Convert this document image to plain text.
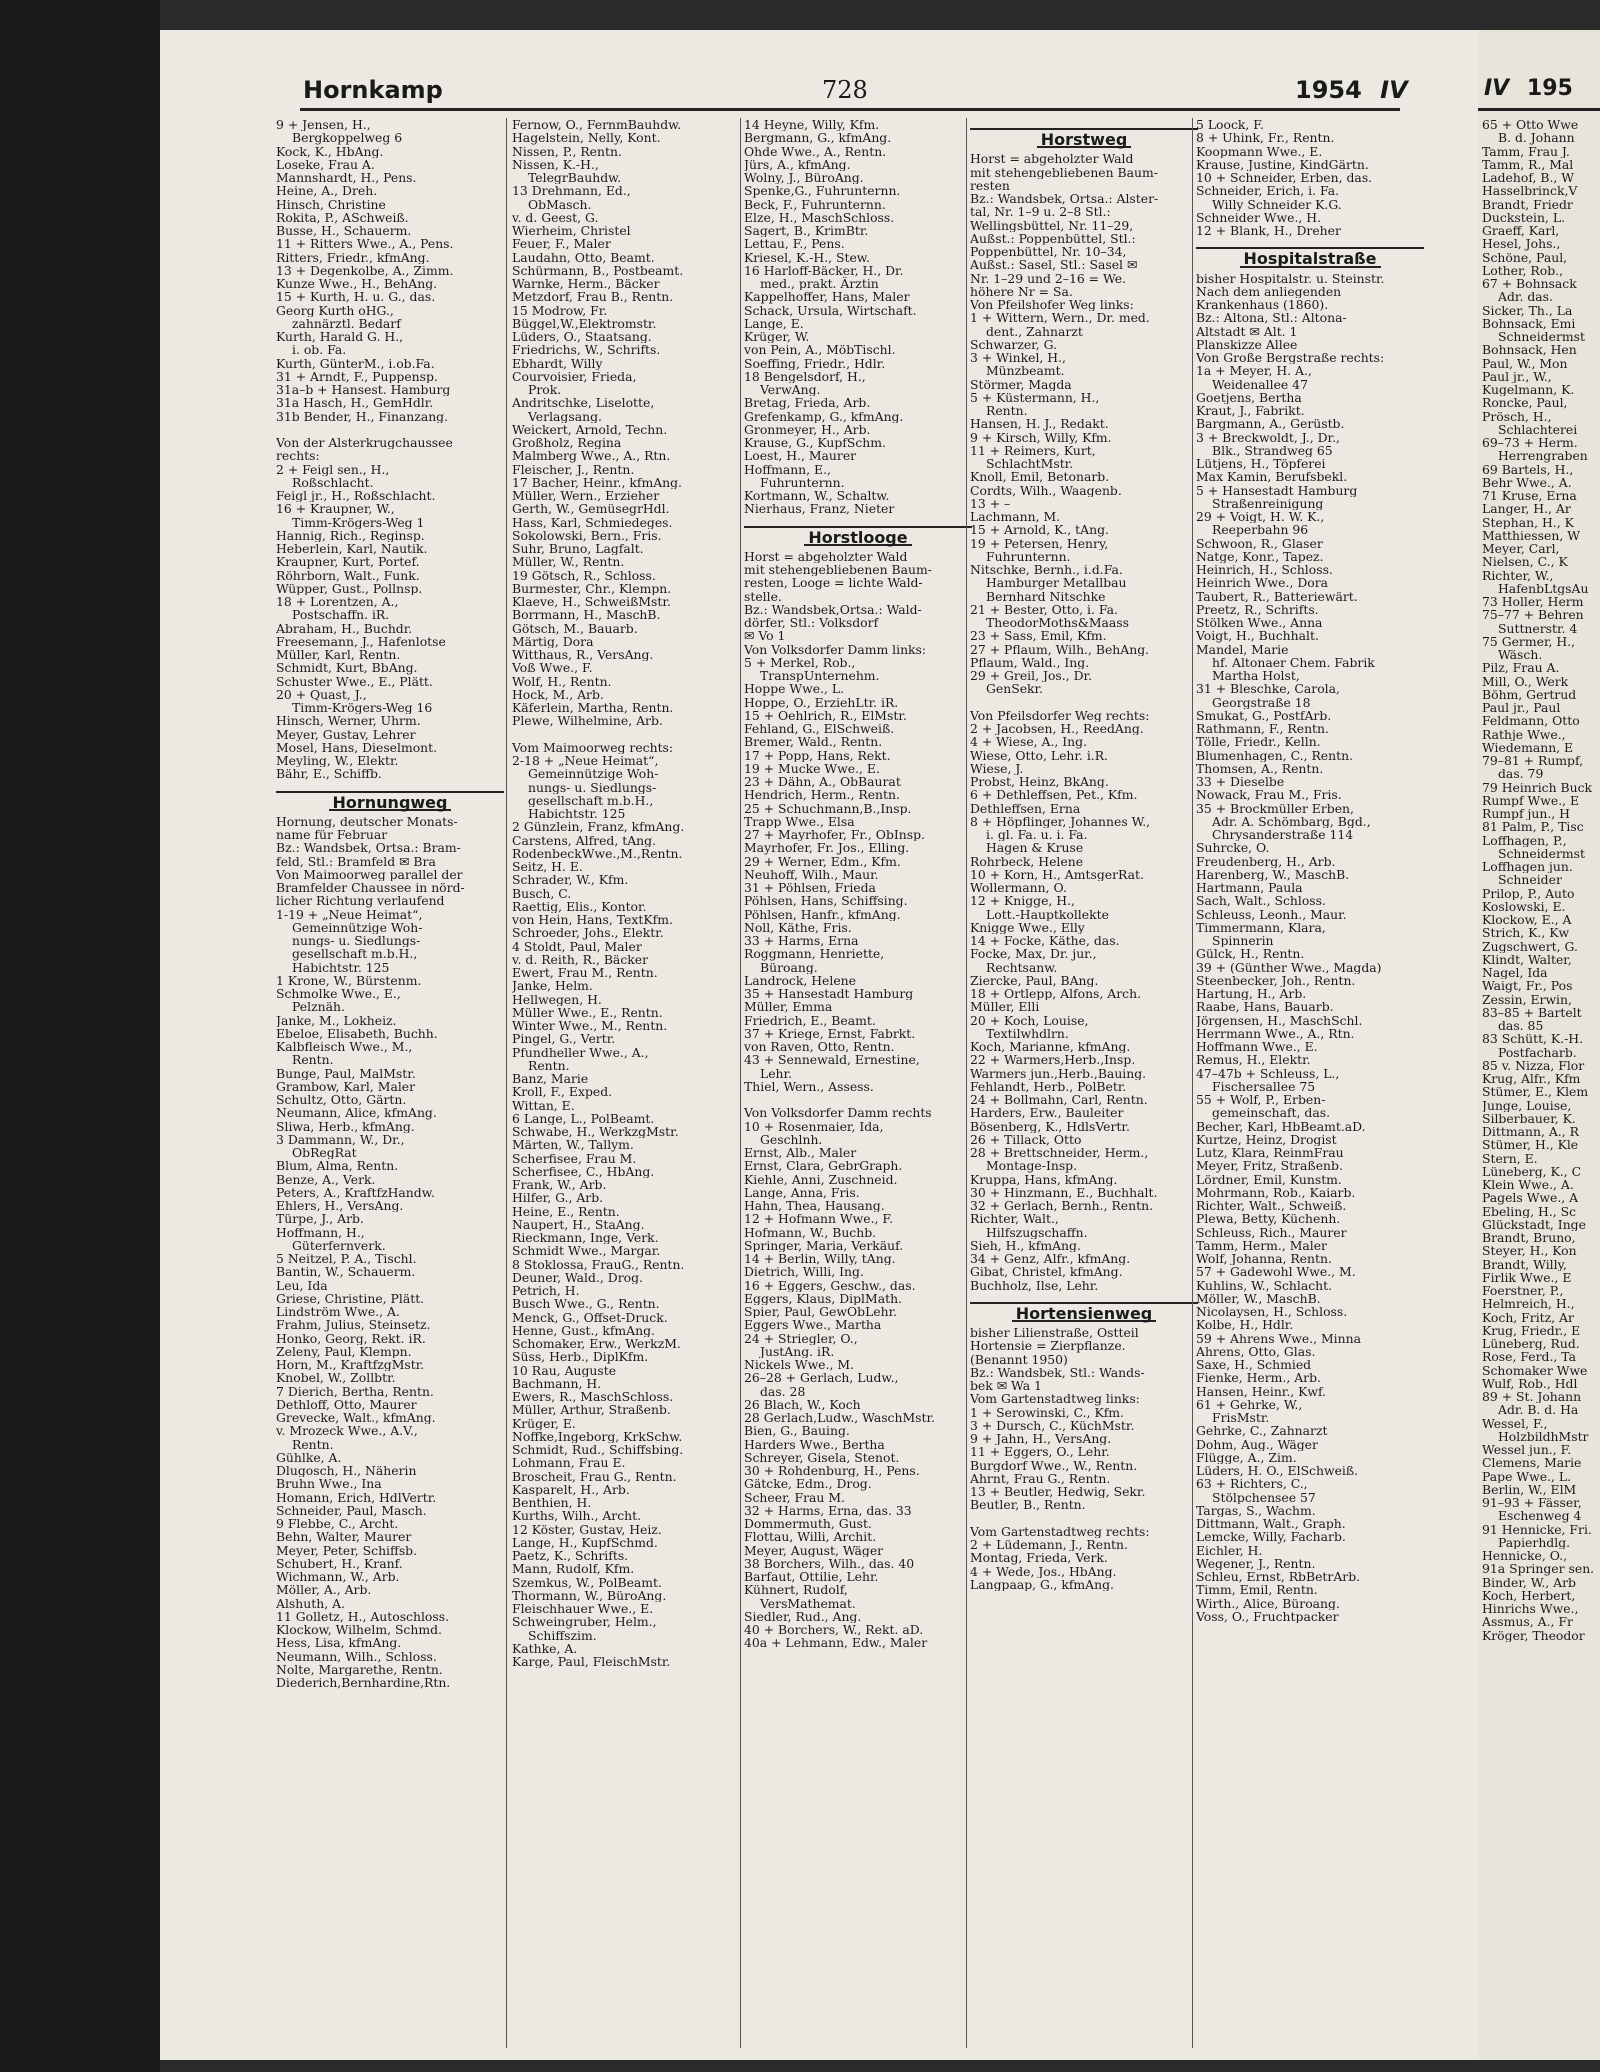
IV 195
65 + Otto Wwe
B. d. Johann
Tamm, Frau J.
Tamm, R., Mal
Ladehof, B., W
Hasselbrinck,V
Brandt, Friedr
Duckstein, L.
Graeff, Karl,
Hesel, Johs.,
Schöne, Paul,
Lother, Rob.,
67 + Bohnsack
Adr. das.
Sicker, Th., La
Bohnsack, Emi
Schneidermst
Bohnsack, Hen
Paul, W., Mon
Paul jr., W.,
Kugelmann, K.
Roncke, Paul,
Prösch, H.,
Schlachterei
69–73 + Herm.
Herrengraben
69 Bartels, H.,
Behr Wwe., A.
71 Kruse, Erna
Langer, H., Ar
Stephan, H., K
Matthiessen, W
Meyer, Carl,
Nielsen, C., K
Richter, W.,
HafenbLtgsAu
73 Holler, Herm
75–77 + Behren
Suttnerstr. 4
75 Germer, H.,
Wäsch.
Pilz, Frau A.
Mill, O., Werk
Böhm, Gertrud
Paul jr., Paul
Feldmann, Otto
Rathje Wwe.,
Wiedemann, E
79–81 + Rumpf,
das. 79
79 Heinrich Buck
Rumpf Wwe., E
Rumpf jun., H
81 Palm, P., Tisc
Loffhagen, P.,
Schneidermst
Loffhagen jun.
Schneider
Prilop, P., Auto
Koslowski, E.
Klockow, E., A
Strich, K., Kw
Zugschwert, G.
Klindt, Walter,
Nagel, Ida
Waigt, Fr., Pos
Zessin, Erwin,
83–85 + Bartelt
das. 85
83 Schütt, K.-H.
Postfacharb.
85 v. Nizza, Flor
Krug, Alfr., Kfm
Stümer, E., Klem
Junge, Louise,
Silberbauer, K.
Dittmann, A., R
Stümer, H., Kle
Stern, E.
Lüneberg, K., C
Klein Wwe., A.
Pagels Wwe., A
Ebeling, H., Sc
Glückstadt, Inge
Brandt, Bruno,
Steyer, H., Kon
Brandt, Willy,
Firlik Wwe., E
Foerstner, P.,
Helmreich, H.,
Koch, Fritz, Ar
Krug, Friedr., E
Lüneberg, Rud.
Rose, Ferd., Ta
Schomaker Wwe
Wulf, Rob., Hdl
89 + St. Johann
Adr. B. d. Ha
Wessel, F.,
HolzbildhMstr
Wessel jun., F.
Clemens, Marie
Pape Wwe., L.
Berlin, W., ElM
91–93 + Fässer,
Eschenweg 4
91 Hennicke, Fri.
Papierhdlg.
Hennicke, O.,
91a Springer sen.
Binder, W., Arb
Koch, Herbert,
Hinrichs Wwe.,
Assmus, A., Fr
Kröger, Theodor
Hornkamp	728	1954 IV
9 + Jensen, H.,
Bergkoppelweg 6
Kock, K., HbAng.
Loseke, Frau A.
Mannshardt, H., Pens.
Heine, A., Dreh.
Hinsch, Christine
Rokita, P., ASchweiß.
Busse, H., Schauerm.
11 + Ritters Wwe., A., Pens.
Ritters, Friedr., kfmAng.
13 + Degenkolbe, A., Zimm.
Kunze Wwe., H., BehAng.
15 + Kurth, H. u. G., das.
Georg Kurth oHG.,
zahnärztl. Bedarf
Kurth, Harald G. H.,
i. ob. Fa.
Kurth, GünterM., i.ob.Fa.
31 + Arndt, F., Puppensp.
31a–b + Hansest. Hamburg
31a Hasch, H., GemHdlr.
31b Bender, H., Finanzang.

Von der Alsterkrugchaussee
rechts:
2 + Feigl sen., H.,
Roßschlacht.
Feigl jr., H., Roßschlacht.
16 + Kraupner, W.,
Timm-Krögers-Weg 1
Hannig, Rich., Reginsp.
Heberlein, Karl, Nautik.
Kraupner, Kurt, Portef.
Röhrborn, Walt., Funk.
Wüpper, Gust., Pollnsp.
18 + Lorentzen, A.,
Postschaffn. iR.
Abraham, H., Buchdr.
Freesemann, J., Hafenlotse
Müller, Karl, Rentn.
Schmidt, Kurt, BbAng.
Schuster Wwe., E., Plätt.
20 + Quast, J.,
Timm-Krögers-Weg 16
Hinsch, Werner, Uhrm.
Meyer, Gustav, Lehrer
Mosel, Hans, Dieselmont.
Meyling, W., Elektr.
Bähr, E., Schiffb.
Hornungweg
Hornung, deutscher Monats-
name für Februar
Bz.: Wandsbek, Ortsa.: Bram-
feld, Stl.: Bramfeld ✉ Bra
Von Maimoorweg parallel der
Bramfelder Chaussee in nörd-
licher Richtung verlaufend
1-19 + „Neue Heimat“,
Gemeinnützige Woh-
nungs- u. Siedlungs-
gesellschaft m.b.H.,
Habichtstr. 125
1 Krone, W., Bürstenm.
Schmolke Wwe., E.,
Pelznäh.
Janke, M., Lokheiz.
Ebeloe, Elisabeth, Buchh.
Kalbfleisch Wwe., M.,
Rentn.
Bunge, Paul, MalMstr.
Grambow, Karl, Maler
Schultz, Otto, Gärtn.
Neumann, Alice, kfmAng.
Sliwa, Herb., kfmAng.
3 Dammann, W., Dr.,
ObRegRat
Blum, Alma, Rentn.
Benze, A., Verk.
Peters, A., KraftfzHandw.
Ehlers, H., VersAng.
Türpe, J., Arb.
Hoffmann, H.,
Güterfernverk.
5 Neitzel, P. A., Tischl.
Bantin, W., Schauerm.
Leu, Ida
Griese, Christine, Plätt.
Lindström Wwe., A.
Frahm, Julius, Steinsetz.
Honko, Georg, Rekt. iR.
Zeleny, Paul, Klempn.
Horn, M., KraftfzgMstr.
Knobel, W., Zollbtr.
7 Dierich, Bertha, Rentn.
Dethloff, Otto, Maurer
Grevecke, Walt., kfmAng.
v. Mrozeck Wwe., A.V.,
Rentn.
Gühlke, A.
Dlugosch, H., Näherin
Bruhn Wwe., Ina
Homann, Erich, HdlVertr.
Schneider, Paul, Masch.
9 Flebbe, C., Archt.
Behn, Walter, Maurer
Meyer, Peter, Schiffsb.
Schubert, H., Kranf.
Wichmann, W., Arb.
Möller, A., Arb.
Alshuth, A.
11 Golletz, H., Autoschloss.
Klockow, Wilhelm, Schmd.
Hess, Lisa, kfmAng.
Neumann, Wilh., Schloss.
Nolte, Margarethe, Rentn.
Diederich,Bernhardine,Rtn.
Fernow, O., FernmBauhdw.
Hagelstein, Nelly, Kont.
Nissen, P., Rentn.
Nissen, K.-H.,
TelegrBauhdw.
13 Drehmann, Ed.,
ObMasch.
v. d. Geest, G.
Wierheim, Christel
Feuer, F., Maler
Laudahn, Otto, Beamt.
Schürmann, B., Postbeamt.
Warnke, Herm., Bäcker
Metzdorf, Frau B., Rentn.
15 Modrow, Fr.
Büggel,W.,Elektromstr.
Lüders, O., Staatsang.
Friedrichs, W., Schrifts.
Ebhardt, Willy
Courvoisier, Frieda,
Prok.
Andritschke, Liselotte,
Verlagsang.
Weickert, Arnold, Techn.
Großholz, Regina
Malmberg Wwe., A., Rtn.
Fleischer, J., Rentn.
17 Bacher, Heinr., kfmAng.
Müller, Wern., Erzieher
Gerth, W., GemüsegrHdl.
Hass, Karl, Schmiedeges.
Sokolowski, Bern., Fris.
Suhr, Bruno, Lagfalt.
Müller, W., Rentn.
19 Götsch, R., Schloss.
Burmester, Chr., Klempn.
Klaeve, H., SchweißMstr.
Borrmann, H., MaschB.
Götsch, M., Bauarb.
Märtig, Dora
Witthaus, R., VersAng.
Voß Wwe., F.
Wolf, H., Rentn.
Hock, M., Arb.
Käferlein, Martha, Rentn.
Plewe, Wilhelmine, Arb.

Vom Maimoorweg rechts:
2-18 + „Neue Heimat“,
Gemeinnützige Woh-
nungs- u. Siedlungs-
gesellschaft m.b.H.,
Habichtstr. 125
2 Günzlein, Franz, kfmAng.
Carstens, Alfred, tAng.
RodenbeckWwe.,M.,Rentn.
Seitz, H. E.
Schrader, W., Kfm.
Busch, C.
Raettig, Elis., Kontor.
von Hein, Hans, TextKfm.
Schroeder, Johs., Elektr.
4 Stoldt, Paul, Maler
v. d. Reith, R., Bäcker
Ewert, Frau M., Rentn.
Janke, Helm.
Hellwegen, H.
Müller Wwe., E., Rentn.
Winter Wwe., M., Rentn.
Pingel, G., Vertr.
Pfundheller Wwe., A.,
Rentn.
Banz, Marie
Kroll, F., Exped.
Wittan, E.
6 Lange, L., PolBeamt.
Schwabe, H., WerkzgMstr.
Märten, W., Tallym.
Scherfisee, Frau M.
Scherfisee, C., HbAng.
Frank, W., Arb.
Hilfer, G., Arb.
Heine, E., Rentn.
Naupert, H., StaAng.
Rieckmann, Inge, Verk.
Schmidt Wwe., Margar.
8 Stoklossa, FrauG., Rentn.
Deuner, Wald., Drog.
Petrich, H.
Busch Wwe., G., Rentn.
Menck, G., Offset-Druck.
Henne, Gust., kfmAng.
Schomaker, Erw., WerkzM.
Süss, Herb., DiplKfm.
10 Rau, Auguste
Bachmann, H.
Ewers, R., MaschSchloss.
Müller, Arthur, Straßenb.
Krüger, E.
Noffke,Ingeborg, KrkSchw.
Schmidt, Rud., Schiffsbing.
Lohmann, Frau E.
Broscheit, Frau G., Rentn.
Kasparelt, H., Arb.
Benthien, H.
Kurths, Wilh., Archt.
12 Köster, Gustav, Heiz.
Lange, H., KupfSchmd.
Paetz, K., Schrifts.
Mann, Rudolf, Kfm.
Szemkus, W., PolBeamt.
Thormann, W., BüroAng.
Fleischhauer Wwe., E.
Schweingruber, Helm.,
Schiffszim.
Kathke, A.
Karge, Paul, FleischMstr.
14 Heyne, Willy, Kfm.
Bergmann, G., kfmAng.
Ohde Wwe., A., Rentn.
Jürs, A., kfmAng.
Wolny, J., BüroAng.
Spenke,G., Fuhrunternn.
Beck, F., Fuhrunternn.
Elze, H., MaschSchloss.
Sagert, B., KrimBtr.
Lettau, F., Pens.
Kriesel, K.-H., Stew.
16 Harloff-Bäcker, H., Dr.
med., prakt. Ärztin
Kappelhoffer, Hans, Maler
Schack, Ursula, Wirtschaft.
Lange, E.
Krüger, W.
von Pein, A., MöbTischl.
Soeffing, Friedr., Hdlr.
18 Bengelsdorf, H.,
VerwAng.
Bretag, Frieda, Arb.
Grefenkamp, G., kfmAng.
Gronmeyer, H., Arb.
Krause, G., KupfSchm.
Loest, H., Maurer
Hoffmann, E.,
Fuhrunternn.
Kortmann, W., Schaltw.
Nierhaus, Franz, Nieter
Horstlooge
Horst = abgeholzter Wald
mit stehengebliebenen Baum-
resten, Looge = lichte Wald-
stelle.
Bz.: Wandsbek,Ortsa.: Wald-
dörfer, Stl.: Volksdorf
✉ Vo 1
Von Volksdorfer Damm links:
5 + Merkel, Rob.,
TranspUnternehm.
Hoppe Wwe., L.
Hoppe, O., ErziehLtr. iR.
15 + Oehlrich, R., ElMstr.
Fehland, G., ElSchweiß.
Bremer, Wald., Rentn.
17 + Popp, Hans, Rekt.
19 + Mucke Wwe., E.
23 + Dähn, A., ObBaurat
Hendrich, Herm., Rentn.
25 + Schuchmann,B.,Insp.
Trapp Wwe., Elsa
27 + Mayrhofer, Fr., ObInsp.
Mayrhofer, Fr. Jos., Elling.
29 + Werner, Edm., Kfm.
Neuhoff, Wilh., Maur.
31 + Pöhlsen, Frieda
Pöhlsen, Hans, Schiffsing.
Pöhlsen, Hanfr., kfmAng.
Noll, Käthe, Fris.
33 + Harms, Erna
Roggmann, Henriette,
Büroang.
Landrock, Helene
35 + Hansestadt Hamburg
Müller, Emma
Friedrich, E., Beamt.
37 + Kriege, Ernst, Fabrkt.
von Raven, Otto, Rentn.
43 + Sennewald, Ernestine,
Lehr.
Thiel, Wern., Assess.

Von Volksdorfer Damm rechts
10 + Rosenmaier, Ida,
Geschlnh.
Ernst, Alb., Maler
Ernst, Clara, GebrGraph.
Kiehle, Anni, Zuschneid.
Lange, Anna, Fris.
Hahn, Thea, Hausang.
12 + Hofmann Wwe., F.
Hofmann, W., Buchb.
Springer, Maria, Verkäuf.
14 + Berlin, Willy, tAng.
Dietrich, Willi, Ing.
16 + Eggers, Geschw., das.
Eggers, Klaus, DiplMath.
Spier, Paul, GewObLehr.
Eggers Wwe., Martha
24 + Striegler, O.,
JustAng. iR.
Nickels Wwe., M.
26–28 + Gerlach, Ludw.,
das. 28
26 Blach, W., Koch
28 Gerlach,Ludw., WaschMstr.
Bien, G., Bauing.
Harders Wwe., Bertha
Schreyer, Gisela, Stenot.
30 + Rohdenburg, H., Pens.
Gätcke, Edm., Drog.
Scheer, Frau M.
32 + Harms, Erna, das. 33
Dommermuth, Gust.
Flottau, Willi, Archit.
Meyer, August, Wäger
38 Borchers, Wilh., das. 40
Barfaut, Ottilie, Lehr.
Kühnert, Rudolf,
VersMathemat.
Siedler, Rud., Ang.
40 + Borchers, W., Rekt. aD.
40a + Lehmann, Edw., Maler
Horstweg
Horst = abgeholzter Wald
mit stehengebliebenen Baum-
resten
Bz.: Wandsbek, Ortsa.: Alster-
tal, Nr. 1–9 u. 2–8 Stl.:
Wellingsbüttel, Nr. 11–29,
Außst.: Poppenbüttel, Stl.:
Poppenbüttel, Nr. 10–34,
Außst.: Sasel, Stl.: Sasel ✉
Nr. 1–29 und 2–16 = We.
höhere Nr = Sa.
Von Pfeilshofer Weg links:
1 + Wittern, Wern., Dr. med.
dent., Zahnarzt
Schwarzer, G.
3 + Winkel, H.,
Münzbeamt.
Störmer, Magda
5 + Küstermann, H.,
Rentn.
Hansen, H. J., Redakt.
9 + Kirsch, Willy, Kfm.
11 + Reimers, Kurt,
SchlachtMstr.
Knoll, Emil, Betonarb.
Cordts, Wilh., Waagenb.
13 + –
Lachmann, M.
15 + Arnold, K., tAng.
19 + Petersen, Henry,
Fuhrunternn.
Nitschke, Bernh., i.d.Fa.
Hamburger Metallbau
Bernhard Nitschke
21 + Bester, Otto, i. Fa.
TheodorMoths&Maass
23 + Sass, Emil, Kfm.
27 + Pflaum, Wilh., BehAng.
Pflaum, Wald., Ing.
29 + Greil, Jos., Dr.
GenSekr.

Von Pfeilsdorfer Weg rechts:
2 + Jacobsen, H., ReedAng.
4 + Wiese, A., Ing.
Wiese, Otto, Lehr. i.R.
Wiese, J.
Probst, Heinz, BkAng.
6 + Dethleffsen, Pet., Kfm.
Dethleffsen, Erna
8 + Höpflinger, Johannes W.,
i. gl. Fa. u. i. Fa.
Hagen & Kruse
Rohrbeck, Helene
10 + Korn, H., AmtsgerRat.
Wollermann, O.
12 + Knigge, H.,
Lott.-Hauptkollekte
Knigge Wwe., Elly
14 + Focke, Käthe, das.
Focke, Max, Dr. jur.,
Rechtsanw.
Ziercke, Paul, BAng.
18 + Ortlepp, Alfons, Arch.
Müller, Elli
20 + Koch, Louise,
Textilwhdlrn.
Koch, Marianne, kfmAng.
22 + Warmers,Herb.,Insp.
Warmers jun.,Herb.,Bauing.
Fehlandt, Herb., PolBetr.
24 + Bollmahn, Carl, Rentn.
Harders, Erw., Bauleiter
Bösenberg, K., HdlsVertr.
26 + Tillack, Otto
28 + Brettschneider, Herm.,
Montage-Insp.
Kruppa, Hans, kfmAng.
30 + Hinzmann, E., Buchhalt.
32 + Gerlach, Bernh., Rentn.
Richter, Walt.,
Hilfszugschaffn.
Sieh, H., kfmAng.
34 + Genz, Alfr., kfmAng.
Gibat, Christel, kfmAng.
Buchholz, Ilse, Lehr.
Hortensienweg
bisher Lilienstraße, Ostteil
Hortensie = Zierpflanze.
(Benannt 1950)
Bz.: Wandsbek, Stl.: Wands-
bek ✉ Wa 1
Vom Gartenstadtweg links:
1 + Serowinski, C., Kfm.
3 + Dursch, C., KüchMstr.
9 + Jahn, H., VersAng.
11 + Eggers, O., Lehr.
Burgdorf Wwe., W., Rentn.
Ahrnt, Frau G., Rentn.
13 + Beutler, Hedwig, Sekr.
Beutler, B., Rentn.

Vom Gartenstadtweg rechts:
2 + Lüdemann, J., Rentn.
Montag, Frieda, Verk.
4 + Wede, Jos., HbAng.
Langpaap, G., kfmAng.
5 Loock, F.
8 + Uhink, Fr., Rentn.
Koopmann Wwe., E.
Krause, Justine, KindGärtn.
10 + Schneider, Erben, das.
Schneider, Erich, i. Fa.
Willy Schneider K.G.
Schneider Wwe., H.
12 + Blank, H., Dreher
Hospitalstraße
bisher Hospitalstr. u. Steinstr.
Nach dem anliegenden
Krankenhaus (1860).
Bz.: Altona, Stl.: Altona-
Altstadt ✉ Alt. 1
Planskizze Allee
Von Große Bergstraße rechts:
1a + Meyer, H. A.,
Weidenallee 47
Goetjens, Bertha
Kraut, J., Fabrikt.
Bargmann, A., Gerüstb.
3 + Breckwoldt, J., Dr.,
Blk., Strandweg 65
Lütjens, H., Töpferei
Max Kamin, Berufsbekl.
5 + Hansestadt Hamburg
Straßenreinigung
29 + Voigt, H. W. K.,
Reeperbahn 96
Schwoon, R., Glaser
Natge, Konr., Tapez.
Heinrich, H., Schloss.
Heinrich Wwe., Dora
Taubert, R., Batteriewärt.
Preetz, R., Schrifts.
Stölken Wwe., Anna
Voigt, H., Buchhalt.
Mandel, Marie
hf. Altonaer Chem. Fabrik
Martha Holst,
31 + Bleschke, Carola,
Georgstraße 18
Smukat, G., PostfArb.
Rathmann, F., Rentn.
Tölle, Friedr., Kelln.
Blumenhagen, C., Rentn.
Thomsen, A., Rentn.
33 + Dieselbe
Nowack, Frau M., Fris.
35 + Brockmüller Erben,
Adr. A. Schömbarg, Bgd.,
Chrysanderstraße 114
Suhrcke, O.
Freudenberg, H., Arb.
Harenberg, W., MaschB.
Hartmann, Paula
Sach, Walt., Schloss.
Schleuss, Leonh., Maur.
Timmermann, Klara,
Spinnerin
Gülck, H., Rentn.
39 + (Günther Wwe., Magda)
Steenbecker, Joh., Rentn.
Hartung, H., Arb.
Raabe, Hans, Bauarb.
Jörgensen, H., MaschSchl.
Herrmann Wwe., A., Rtn.
Hoffmann Wwe., E.
Remus, H., Elektr.
47–47b + Schleuss, L.,
Fischersallee 75
55 + Wolf, P., Erben-
gemeinschaft, das.
Becher, Karl, HbBeamt.aD.
Kurtze, Heinz, Drogist
Lutz, Klara, ReinmFrau
Meyer, Fritz, Straßenb.
Lördner, Emil, Kunstm.
Mohrmann, Rob., Kaiarb.
Richter, Walt., Schweiß.
Plewa, Betty, Küchenh.
Schleuss, Rich., Maurer
Tamm, Herm., Maler
Wolf, Johanna, Rentn.
57 + Gadewohl Wwe., M.
Kuhlins, W., Schlacht.
Möller, W., MaschB.
Nicolaysen, H., Schloss.
Kolbe, H., Hdlr.
59 + Ahrens Wwe., Minna
Ahrens, Otto, Glas.
Saxe, H., Schmied
Fienke, Herm., Arb.
Hansen, Heinr., Kwf.
61 + Gehrke, W.,
FrisMstr.
Gehrke, C., Zahnarzt
Dohm, Aug., Wäger
Flügge, A., Zim.
Lüders, H. O., ElSchweiß.
63 + Richters, C.,
Stölpchensee 57
Targas, S., Wachm.
Dittmann, Walt., Graph.
Lemcke, Willy, Facharb.
Eichler, H.
Wegener, J., Rentn.
Schleu, Ernst, RbBetrArb.
Timm, Emil, Rentn.
Wirth., Alice, Büroang.
Voss, O., Fruchtpacker
